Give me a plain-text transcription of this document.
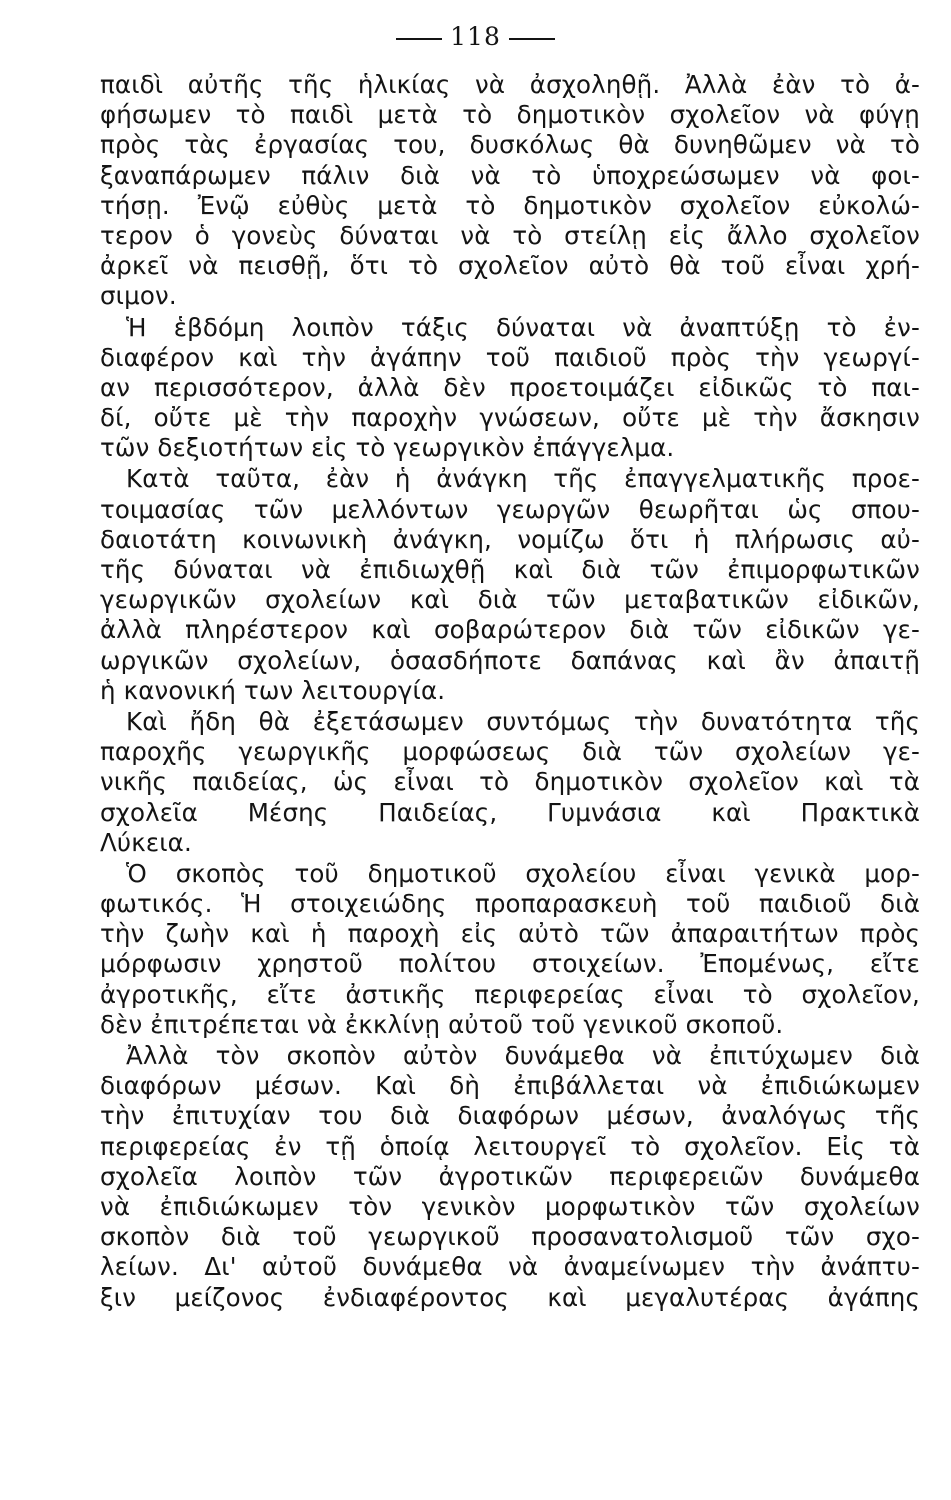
118
παιδὶ αὐτῆς τῆς ἡλικίας νὰ ἀσχοληθῇ. Ἀλλὰ ἐὰν τὸ ἀ-
φήσωμεν τὸ παιδὶ μετὰ τὸ δημοτικὸν σχολεῖον νὰ φύγῃ
πρὸς τὰς ἐργασίας του, δυσκόλως θὰ δυνηθῶμεν νὰ τὸ
ξαναπάρωμεν πάλιν διὰ νὰ τὸ ὑποχρεώσωμεν νὰ φοι-
τήσῃ. Ἐνῷ εὐθὺς μετὰ τὸ δημοτικὸν σχολεῖον εὐκολώ-
τερον ὁ γονεὺς δύναται νὰ τὸ στείλῃ εἰς ἄλλο σχολεῖον
ἀρκεῖ νὰ πεισθῇ, ὅτι τὸ σχολεῖον αὐτὸ θὰ τοῦ εἶναι χρή-
σιμον.
Ἡ ἑβδόμη λοιπὸν τάξις δύναται νὰ ἀναπτύξῃ τὸ ἐν-
διαφέρον καὶ τὴν ἀγάπην τοῦ παιδιοῦ πρὸς τὴν γεωργί-
αν περισσότερον, ἀλλὰ δὲν προετοιμάζει εἰδικῶς τὸ παι-
δί, οὔτε μὲ τὴν παροχὴν γνώσεων, οὔτε μὲ τὴν ἄσκησιν
τῶν δεξιοτήτων εἰς τὸ γεωργικὸν ἐπάγγελμα.
Κατὰ ταῦτα, ἐὰν ἡ ἀνάγκη τῆς ἐπαγγελματικῆς προε-
τοιμασίας τῶν μελλόντων γεωργῶν θεωρῆται ὡς σπου-
δαιοτάτη κοινωνικὴ ἀνάγκη, νομίζω ὅτι ἡ πλήρωσις αὐ-
τῆς δύναται νὰ ἐπιδιωχθῇ καὶ διὰ τῶν ἐπιμορφωτικῶν
γεωργικῶν σχολείων καὶ διὰ τῶν μεταβατικῶν εἰδικῶν,
ἀλλὰ πληρέστερον καὶ σοβαρώτερον διὰ τῶν εἰδικῶν γε-
ωργικῶν σχολείων, ὁσασδήποτε δαπάνας καὶ ἂν ἀπαιτῇ
ἡ κανονική των λειτουργία.
Καὶ ἤδη θὰ ἐξετάσωμεν συντόμως τὴν δυνατότητα τῆς
παροχῆς γεωργικῆς μορφώσεως διὰ τῶν σχολείων γε-
νικῆς παιδείας, ὡς εἶναι τὸ δημοτικὸν σχολεῖον καὶ τὰ
σχολεῖα Μέσης Παιδείας, Γυμνάσια καὶ Πρακτικὰ
Λύκεια.
Ὁ σκοπὸς τοῦ δημοτικοῦ σχολείου εἶναι γενικὰ μορ-
φωτικός. Ἡ στοιχειώδης προπαρασκευὴ τοῦ παιδιοῦ διὰ
τὴν ζωὴν καὶ ἡ παροχὴ εἰς αὐτὸ τῶν ἀπαραιτήτων πρὸς
μόρφωσιν χρηστοῦ πολίτου στοιχείων. Ἐπομένως, εἴτε
ἀγροτικῆς, εἴτε ἀστικῆς περιφερείας εἶναι τὸ σχολεῖον,
δὲν ἐπιτρέπεται νὰ ἐκκλίνῃ αὐτοῦ τοῦ γενικοῦ σκοποῦ.
Ἀλλὰ τὸν σκοπὸν αὐτὸν δυνάμεθα νὰ ἐπιτύχωμεν διὰ
διαφόρων μέσων. Καὶ δὴ ἐπιβάλλεται νὰ ἐπιδιώκωμεν
τὴν ἐπιτυχίαν του διὰ διαφόρων μέσων, ἀναλόγως τῆς
περιφερείας ἐν τῇ ὁποίᾳ λειτουργεῖ τὸ σχολεῖον. Εἰς τὰ
σχολεῖα λοιπὸν τῶν ἀγροτικῶν περιφερειῶν δυνάμεθα
νὰ ἐπιδιώκωμεν τὸν γενικὸν μορφωτικὸν τῶν σχολείων
σκοπὸν διὰ τοῦ γεωργικοῦ προσανατολισμοῦ τῶν σχο-
λείων. Δι' αὐτοῦ δυνάμεθα νὰ ἀναμείνωμεν τὴν ἀνάπτυ-
ξιν μείζονος ἐνδιαφέροντος καὶ μεγαλυτέρας ἀγάπης
